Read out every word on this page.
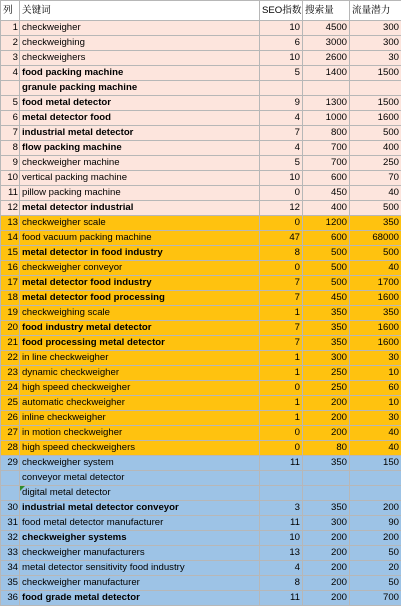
列	关键词	SEO指数	搜索量	流量潜力
1	checkweigher	10	4500	300
2	checkweighing	6	3000	300
3	checkweighers	10	2600	30
4	food packing machine	5	1400	1500
	granule packing machine			
5	food metal detector	9	1300	1500
6	metal detector food	4	1000	1600
7	industrial metal detector	7	800	500
8	flow packing machine	4	700	400
9	checkweigher machine	5	700	250
10	vertical packing machine	10	600	70
11	pillow packing machine	0	450	40
12	metal detector industrial	12	400	500
13	checkweigher scale	0	1200	350
14	food vacuum packing machine	47	600	68000
15	metal detector in food industry	8	500	500
16	checkweigher conveyor	0	500	40
17	metal detector food industry	7	500	1700
18	metal detector food processing	7	450	1600
19	checkweighing scale	1	350	350
20	food industry metal detector	7	350	1600
21	food processing metal detector	7	350	1600
22	in line checkweigher	1	300	30
23	dynamic checkweigher	1	250	10
24	high speed checkweigher	0	250	60
25	automatic checkweigher	1	200	10
26	inline checkweigher	1	200	30
27	in motion checkweigher	0	200	40
28	high speed checkweighers	0	80	40
29	checkweigher system	11	350	150
	conveyor metal detector			
	digital metal detector			
30	industrial metal detector conveyor	3	350	200
31	food metal detector manufacturer	11	300	90
32	checkweigher systems	10	200	200
33	checkweigher manufacturers	13	200	50
34	metal detector sensitivity food industry	4	200	20
35	checkweigher manufacturer	8	200	50
36	food grade metal detector	11	200	700
